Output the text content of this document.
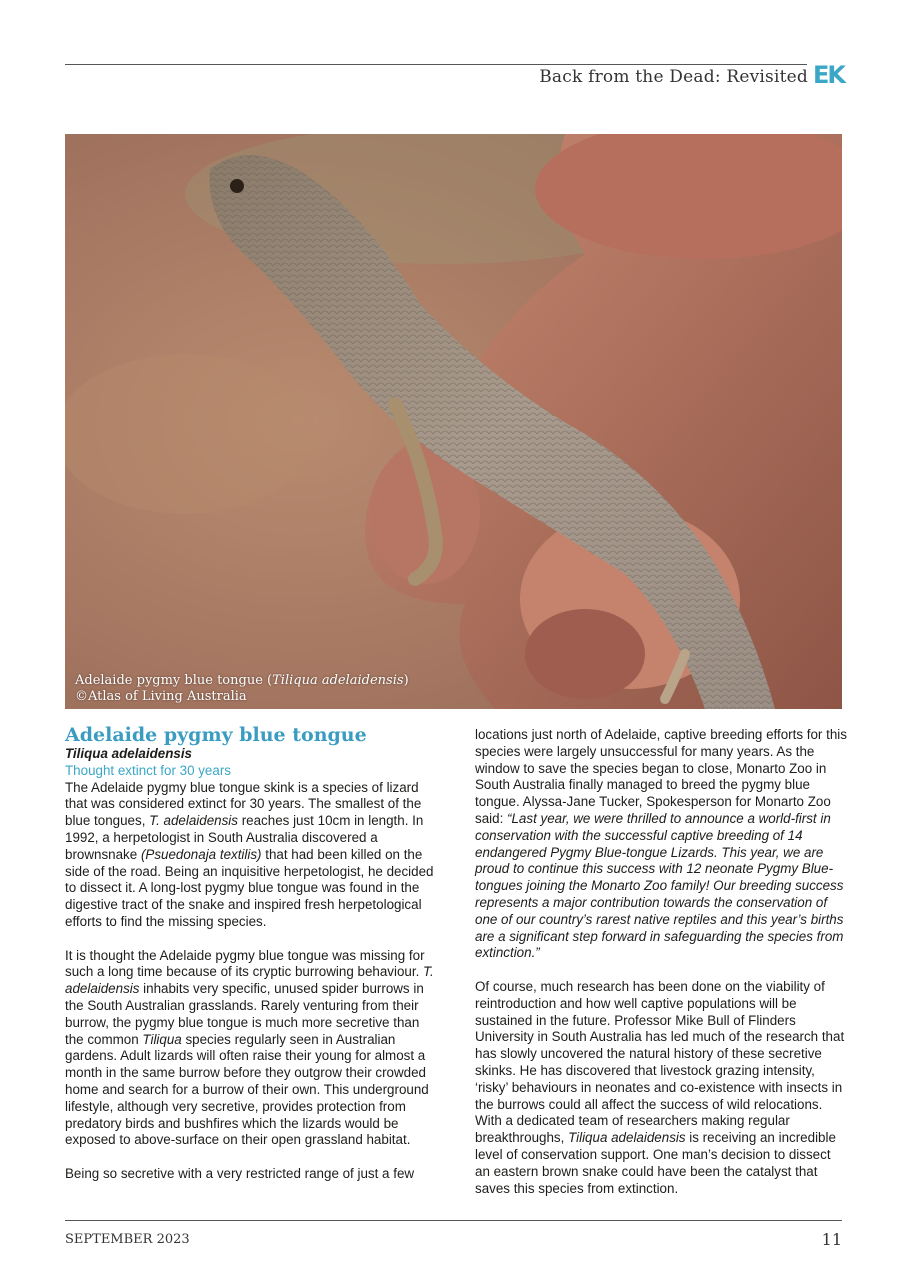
Back from the Dead: Revisited EK
Adelaide pygmy blue tongue (Tiliqua adelaidensis)
©Atlas of Living Australia
Adelaide pygmy blue tongue

Tiliqua adelaidensis

Thought extinct for 30 years

The Adelaide pygmy blue tongue skink is a species of lizard that was considered extinct for 30 years. The smallest of the blue tongues, T. adelaidensis reaches just 10cm in length. In 1992, a herpetologist in South Australia discovered a brownsnake (Psuedonaja textilis) that had been killed on the side of the road. Being an inquisitive herpetologist, he decided to dissect it. A long-lost pygmy blue tongue was found in the digestive tract of the snake and inspired fresh herpetological efforts to find the missing species.

It is thought the Adelaide pygmy blue tongue was missing for such a long time because of its cryptic burrowing behaviour. T. adelaidensis inhabits very specific, unused spider burrows in the South Australian grasslands. Rarely venturing from their burrow, the pygmy blue tongue is much more secretive than the common Tiliqua species regularly seen in Australian gardens. Adult lizards will often raise their young for almost a month in the same burrow before they outgrow their crowded home and search for a burrow of their own. This underground lifestyle, although very secretive, provides protection from predatory birds and bushfires which the lizards would be exposed to above-surface on their open grassland habitat.

Being so secretive with a very restricted range of just a few

locations just north of Adelaide, captive breeding efforts for this species were largely unsuccessful for many years. As the window to save the species began to close, Monarto Zoo in South Australia finally managed to breed the pygmy blue tongue. Alyssa-Jane Tucker, Spokesperson for Monarto Zoo said: “Last year, we were thrilled to announce a world-first in conservation with the successful captive breeding of 14 endangered Pygmy Blue-tongue Lizards. This year, we are proud to continue this success with 12 neonate Pygmy Blue-tongues joining the Monarto Zoo family! Our breeding success represents a major contribution towards the conservation of one of our country’s rarest native reptiles and this year’s births are a significant step forward in safeguarding the species from extinction.”

Of course, much research has been done on the viability of reintroduction and how well captive populations will be sustained in the future. Professor Mike Bull of Flinders University in South Australia has led much of the research that has slowly uncovered the natural history of these secretive skinks. He has discovered that livestock grazing intensity, ‘risky’ behaviours in neonates and co-existence with insects in the burrows could all affect the success of wild relocations. With a dedicated team of researchers making regular breakthroughs, Tiliqua adelaidensis is receiving an incredible level of conservation support. One man’s decision to dissect an eastern brown snake could have been the catalyst that saves this species from extinction.

SEPTEMBER 2023	11
